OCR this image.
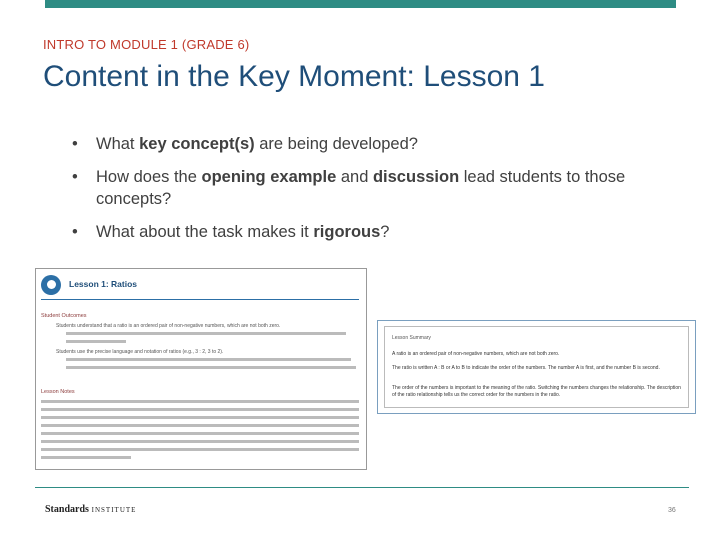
INTRO TO MODULE 1 (GRADE 6)
Content in the Key Moment: Lesson 1
• What key concept(s) are being developed?
• How does the opening example and discussion lead students to those concepts?
• What about the task makes it rigorous?
Lesson 1: Ratios
Student Outcomes
Students understand that a ratio is an ordered pair of non-negative numbers, which are not both zero.
Students use the precise language and notation of ratios (e.g., 3 : 2, 3 to 2).
Lesson Notes
Lesson Summary
A ratio is an ordered pair of non-negative numbers, which are not both zero.
The ratio is written A : B or A to B to indicate the order of the numbers. The number A is first, and the number B is second.
The order of the numbers is important to the meaning of the ratio. Switching the numbers changes the relationship. The description of the ratio relationship tells us the correct order for the numbers in the ratio.
Standards INSTITUTE	36
